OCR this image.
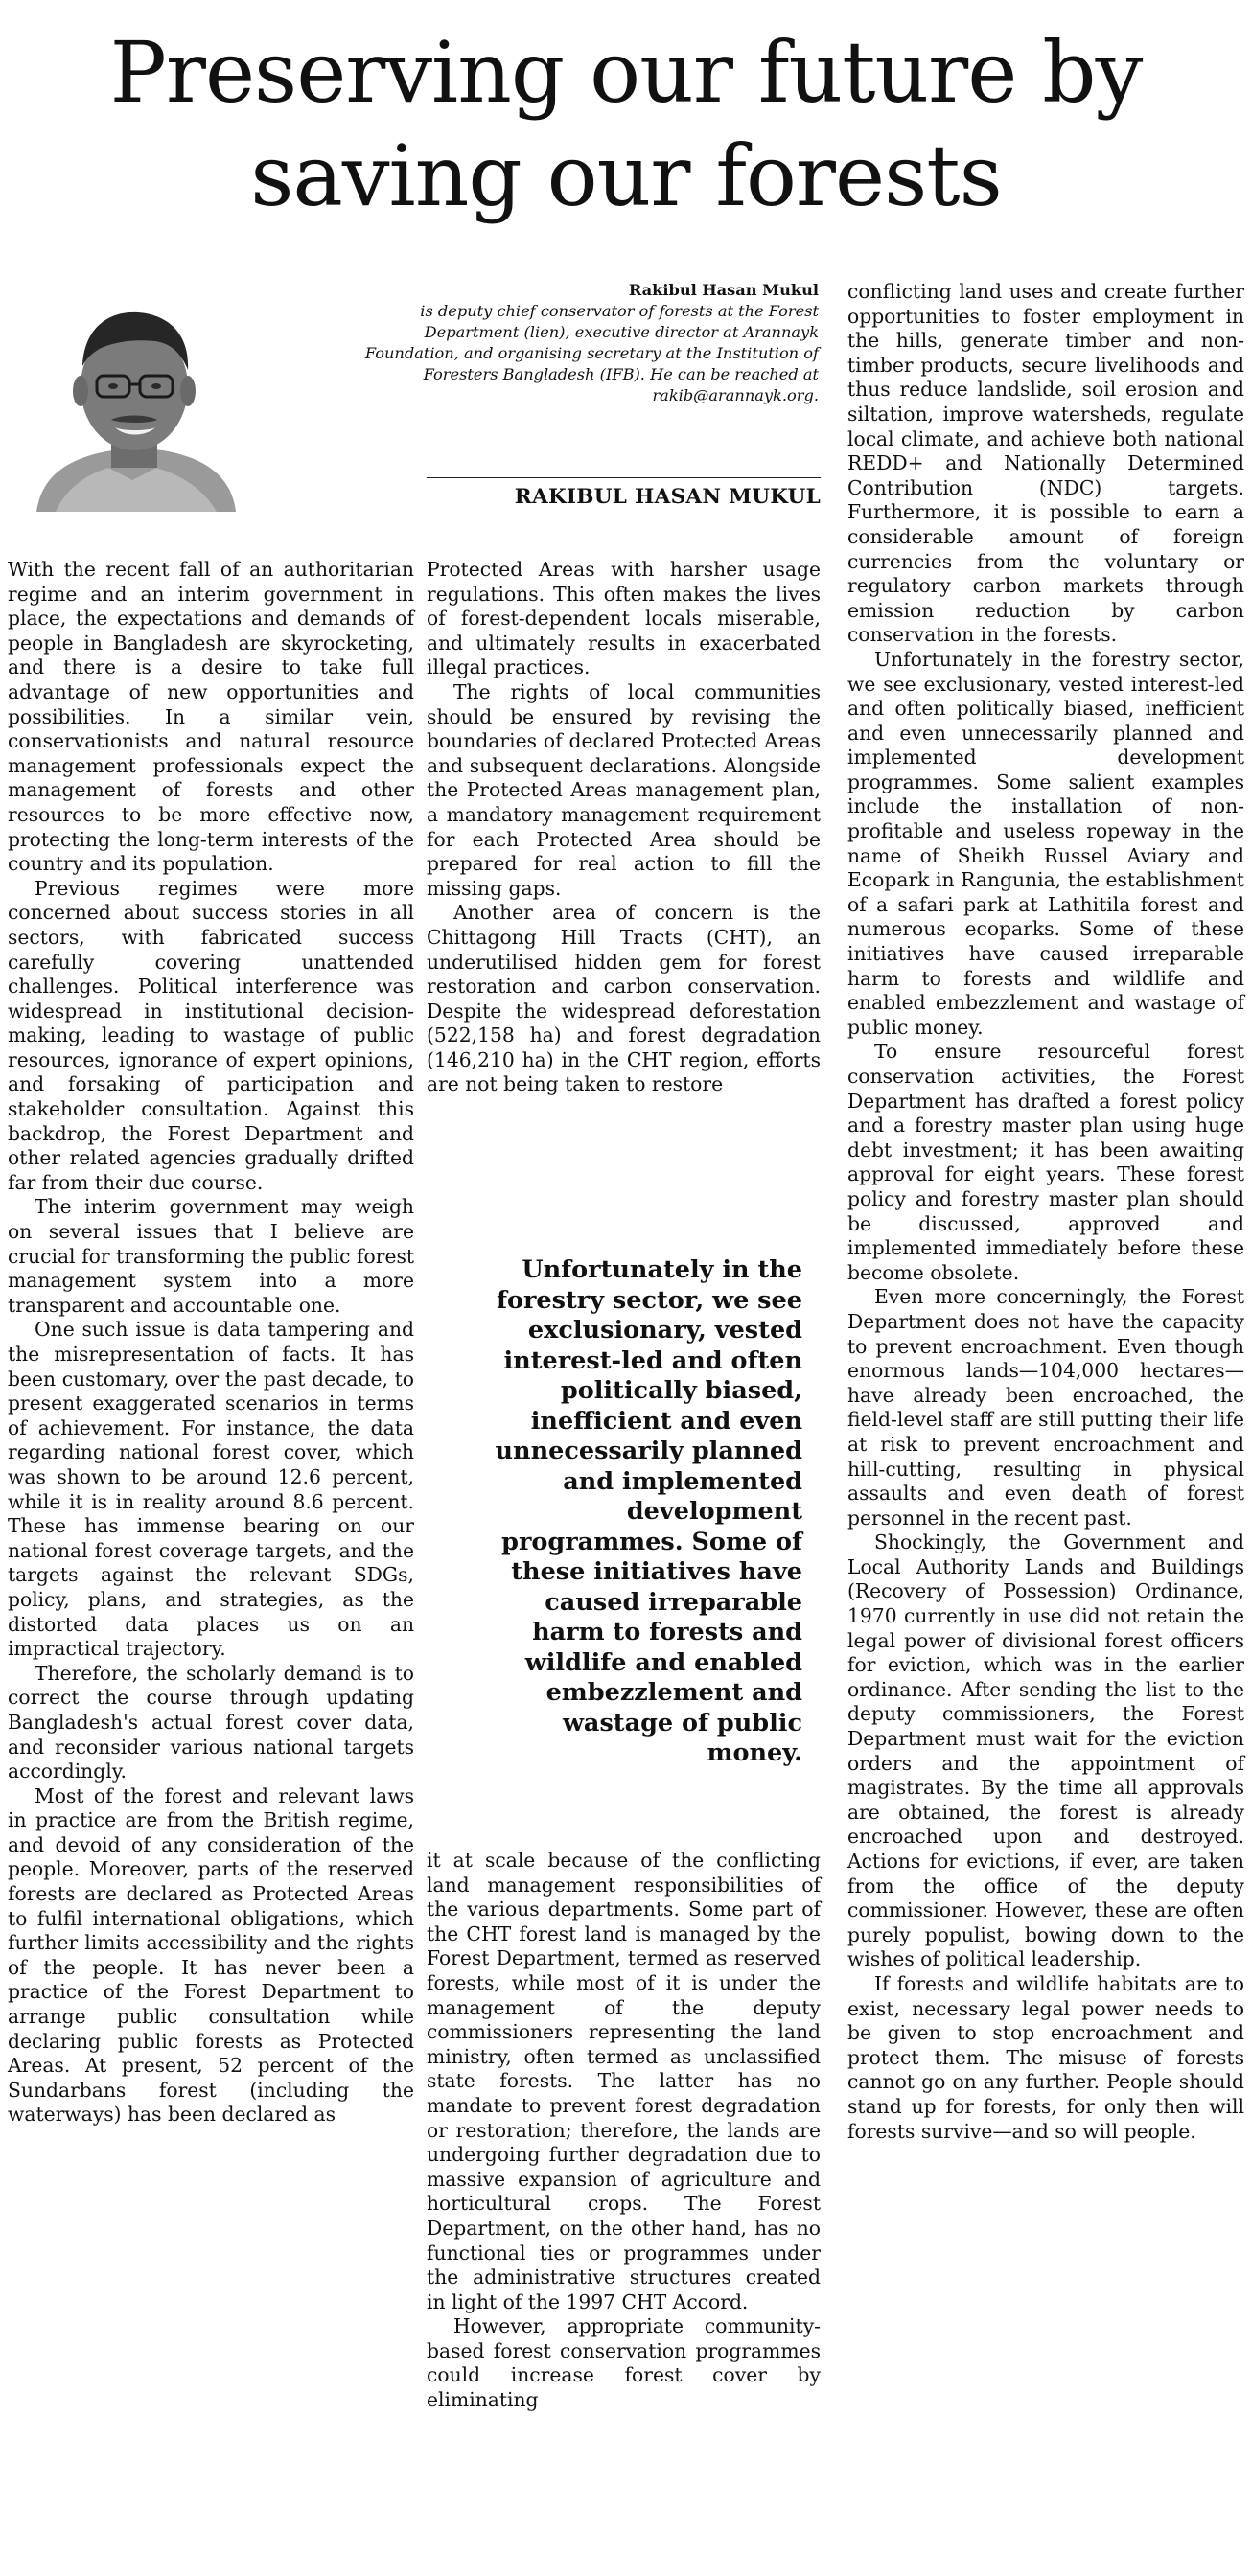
Preserving our future by
saving our forests
Rakibul Hasan Mukul
is deputy chief conservator of forests at the Forest Department (lien), executive director at Arannayk Foundation, and organising secretary at the Institution of Foresters Bangladesh (IFB). He can be reached at rakib@arannayk.org.
RAKIBUL HASAN MUKUL

With the recent fall of an authoritarian regime and an interim government in place, the expectations and demands of people in Bangladesh are skyrocketing, and there is a desire to take full advantage of new opportunities and possibilities. In a similar vein, conservationists and natural resource management professionals expect the management of forests and other resources to be more effective now, protecting the long-term interests of the country and its population.

Previous regimes were more concerned about success stories in all sectors, with fabricated success carefully covering unattended challenges. Political interference was widespread in institutional decision-making, leading to wastage of public resources, ignorance of expert opinions, and forsaking of participation and stakeholder consultation. Against this backdrop, the Forest Department and other related agencies gradually drifted far from their due course.

The interim government may weigh on several issues that I believe are crucial for transforming the public forest management system into a more transparent and accountable one.

One such issue is data tampering and the misrepresentation of facts. It has been customary, over the past decade, to present exaggerated scenarios in terms of achievement. For instance, the data regarding national forest cover, which was shown to be around 12.6 percent, while it is in reality around 8.6 percent. These has immense bearing on our national forest coverage targets, and the targets against the relevant SDGs, policy, plans, and strategies, as the distorted data places us on an impractical trajectory.

Therefore, the scholarly demand is to correct the course through updating Bangladesh's actual forest cover data, and reconsider various national targets accordingly.

Most of the forest and relevant laws in practice are from the British regime, and devoid of any consideration of the people. Moreover, parts of the reserved forests are declared as Protected Areas to fulfil international obligations, which further limits accessibility and the rights of the people. It has never been a practice of the Forest Department to arrange public consultation while declaring public forests as Protected Areas. At present, 52 percent of the Sundarbans forest (including the waterways) has been declared as

Protected Areas with harsher usage regulations. This often makes the lives of forest-dependent locals miserable, and ultimately results in exacerbated illegal practices.

The rights of local communities should be ensured by revising the boundaries of declared Protected Areas and subsequent declarations. Alongside the Protected Areas management plan, a mandatory management requirement for each Protected Area should be prepared for real action to fill the missing gaps.

Another area of concern is the Chittagong Hill Tracts (CHT), an underutilised hidden gem for forest restoration and carbon conservation. Despite the widespread deforestation (522,158 ha) and forest degradation (146,210 ha) in the CHT region, efforts are not being taken to restore

Unfortunately in the forestry sector, we see exclusionary, vested interest-led and often politically biased, inefficient and even unnecessarily planned and implemented development programmes. Some of these initiatives have caused irreparable harm to forests and wildlife and enabled embezzlement and wastage of public money.

it at scale because of the conflicting land management responsibilities of the various departments. Some part of the CHT forest land is managed by the Forest Department, termed as reserved forests, while most of it is under the management of the deputy commissioners representing the land ministry, often termed as unclassified state forests. The latter has no mandate to prevent forest degradation or restoration; therefore, the lands are undergoing further degradation due to massive expansion of agriculture and horticultural crops. The Forest Department, on the other hand, has no functional ties or programmes under the administrative structures created in light of the 1997 CHT Accord.

However, appropriate community-based forest conservation programmes could increase forest cover by eliminating

conflicting land uses and create further opportunities to foster employment in the hills, generate timber and non-timber products, secure livelihoods and thus reduce landslide, soil erosion and siltation, improve watersheds, regulate local climate, and achieve both national REDD+ and Nationally Determined Contribution (NDC) targets. Furthermore, it is possible to earn a considerable amount of foreign currencies from the voluntary or regulatory carbon markets through emission reduction by carbon conservation in the forests.

Unfortunately in the forestry sector, we see exclusionary, vested interest-led and often politically biased, inefficient and even unnecessarily planned and implemented development programmes. Some salient examples include the installation of non-profitable and useless ropeway in the name of Sheikh Russel Aviary and Ecopark in Rangunia, the establishment of a safari park at Lathitila forest and numerous ecoparks. Some of these initiatives have caused irreparable harm to forests and wildlife and enabled embezzlement and wastage of public money.

To ensure resourceful forest conservation activities, the Forest Department has drafted a forest policy and a forestry master plan using huge debt investment; it has been awaiting approval for eight years. These forest policy and forestry master plan should be discussed, approved and implemented immediately before these become obsolete.

Even more concerningly, the Forest Department does not have the capacity to prevent encroachment. Even though enormous lands—104,000 hectares—have already been encroached, the field-level staff are still putting their life at risk to prevent encroachment and hill-cutting, resulting in physical assaults and even death of forest personnel in the recent past.

Shockingly, the Government and Local Authority Lands and Buildings (Recovery of Possession) Ordinance, 1970 currently in use did not retain the legal power of divisional forest officers for eviction, which was in the earlier ordinance. After sending the list to the deputy commissioners, the Forest Department must wait for the eviction orders and the appointment of magistrates. By the time all approvals are obtained, the forest is already encroached upon and destroyed. Actions for evictions, if ever, are taken from the office of the deputy commissioner. However, these are often purely populist, bowing down to the wishes of political leadership.

If forests and wildlife habitats are to exist, necessary legal power needs to be given to stop encroachment and protect them. The misuse of forests cannot go on any further. People should stand up for forests, for only then will forests survive—and so will people.
